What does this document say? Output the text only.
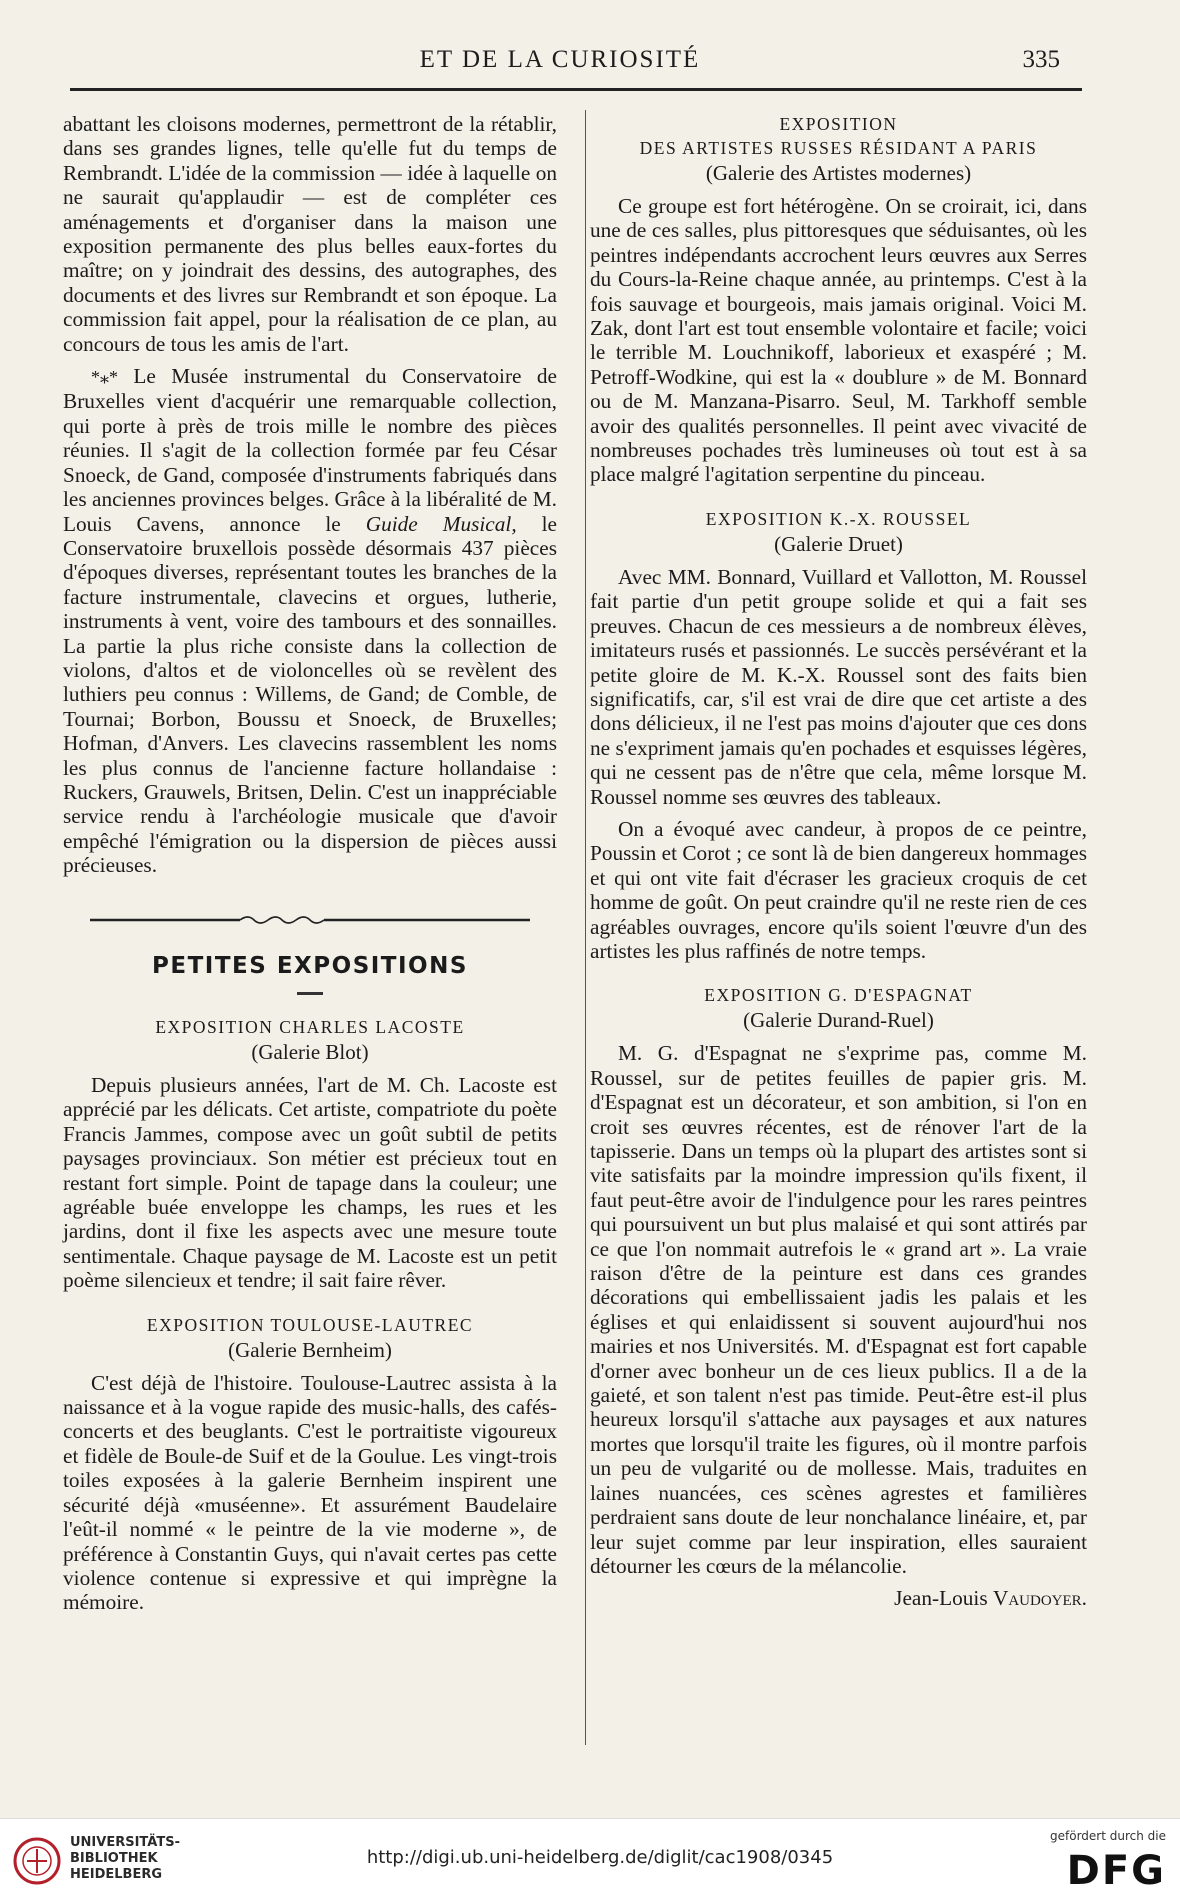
ET DE LA CURIOSITÉ	335

abattant les cloisons modernes, permettront de la rétablir, dans ses grandes lignes, telle qu'elle fut du temps de Rembrandt. L'idée de la commission — idée à laquelle on ne saurait qu'applaudir — est de compléter ces aménagements et d'organiser dans la maison une exposition permanente des plus belles eaux-fortes du maître; on y joindrait des dessins, des autographes, des documents et des livres sur Rembrandt et son époque. La commission fait appel, pour la réalisation de ce plan, au concours de tous les amis de l'art.

*⁎* Le Musée instrumental du Conservatoire de Bruxelles vient d'acquérir une remarquable collection, qui porte à près de trois mille le nombre des pièces réunies. Il s'agit de la collection formée par feu César Snoeck, de Gand, composée d'instruments fabriqués dans les anciennes provinces belges. Grâce à la libéralité de M. Louis Cavens, annonce le Guide Musical, le Conservatoire bruxellois possède désormais 437 pièces d'époques diverses, représentant toutes les branches de la facture instrumentale, clavecins et orgues, lutherie, instruments à vent, voire des tambours et des sonnailles. La partie la plus riche consiste dans la collection de violons, d'altos et de violoncelles où se revèlent des luthiers peu connus : Willems, de Gand; de Comble, de Tournai; Borbon, Boussu et Snoeck, de Bruxelles; Hofman, d'Anvers. Les clavecins rassemblent les noms les plus connus de l'ancienne facture hollandaise : Ruckers, Grauwels, Britsen, Delin. C'est un inappréciable service rendu à l'archéologie musicale que d'avoir empêché l'émigration ou la dispersion de pièces aussi précieuses.

PETITES EXPOSITIONS
EXPOSITION CHARLES LACOSTE
(Galerie Blot)

Depuis plusieurs années, l'art de M. Ch. Lacoste est apprécié par les délicats. Cet artiste, compatriote du poète Francis Jammes, compose avec un goût subtil de petits paysages provinciaux. Son métier est précieux tout en restant fort simple. Point de tapage dans la couleur; une agréable buée enveloppe les champs, les rues et les jardins, dont il fixe les aspects avec une mesure toute sentimentale. Chaque paysage de M. Lacoste est un petit poème silencieux et tendre; il sait faire rêver.

EXPOSITION TOULOUSE-LAUTREC
(Galerie Bernheim)

C'est déjà de l'histoire. Toulouse-Lautrec assista à la naissance et à la vogue rapide des music-halls, des cafés-concerts et des beuglants. C'est le portraitiste vigoureux et fidèle de Boule-de Suif et de la Goulue. Les vingt-trois toiles exposées à la galerie Bernheim inspirent une sécurité déjà «muséenne». Et assurément Baudelaire l'eût-il nommé « le peintre de la vie moderne », de préférence à Constantin Guys, qui n'avait certes pas cette violence contenue si expressive et qui imprègne la mémoire.

EXPOSITION
DES ARTISTES RUSSES RÉSIDANT A PARIS
(Galerie des Artistes modernes)

Ce groupe est fort hétérogène. On se croirait, ici, dans une de ces salles, plus pittoresques que séduisantes, où les peintres indépendants accrochent leurs œuvres aux Serres du Cours-la-Reine chaque année, au printemps. C'est à la fois sauvage et bourgeois, mais jamais original. Voici M. Zak, dont l'art est tout ensemble volontaire et facile; voici le terrible M. Louchnikoff, laborieux et exaspéré ; M. Petroff-Wodkine, qui est la « doublure » de M. Bonnard ou de M. Manzana-Pisarro. Seul, M. Tarkhoff semble avoir des qualités personnelles. Il peint avec vivacité de nombreuses pochades très lumineuses où tout est à sa place malgré l'agitation serpentine du pinceau.

EXPOSITION K.-X. ROUSSEL
(Galerie Druet)

Avec MM. Bonnard, Vuillard et Vallotton, M. Roussel fait partie d'un petit groupe solide et qui a fait ses preuves. Chacun de ces messieurs a de nombreux élèves, imitateurs rusés et passionnés. Le succès persévérant et la petite gloire de M. K.-X. Roussel sont des faits bien significatifs, car, s'il est vrai de dire que cet artiste a des dons délicieux, il ne l'est pas moins d'ajouter que ces dons ne s'expriment jamais qu'en pochades et esquisses légères, qui ne cessent pas de n'être que cela, même lorsque M. Roussel nomme ses œuvres des tableaux.

On a évoqué avec candeur, à propos de ce peintre, Poussin et Corot ; ce sont là de bien dangereux hommages et qui ont vite fait d'écraser les gracieux croquis de cet homme de goût. On peut craindre qu'il ne reste rien de ces agréables ouvrages, encore qu'ils soient l'œuvre d'un des artistes les plus raffinés de notre temps.

EXPOSITION G. D'ESPAGNAT
(Galerie Durand-Ruel)

M. G. d'Espagnat ne s'exprime pas, comme M. Roussel, sur de petites feuilles de papier gris. M. d'Espagnat est un décorateur, et son ambition, si l'on en croit ses œuvres récentes, est de rénover l'art de la tapisserie. Dans un temps où la plupart des artistes sont si vite satisfaits par la moindre impression qu'ils fixent, il faut peut-être avoir de l'indulgence pour les rares peintres qui poursuivent un but plus malaisé et qui sont attirés par ce que l'on nommait autrefois le « grand art ». La vraie raison d'être de la peinture est dans ces grandes décorations qui embellissaient jadis les palais et les églises et qui enlaidissent si souvent aujourd'hui nos mairies et nos Universités. M. d'Espagnat est fort capable d'orner avec bonheur un de ces lieux publics. Il a de la gaieté, et son talent n'est pas timide. Peut-être est-il plus heureux lorsqu'il s'attache aux paysages et aux natures mortes que lorsqu'il traite les figures, où il montre parfois un peu de vulgarité ou de mollesse. Mais, traduites en laines nuancées, ces scènes agrestes et familières perdraient sans doute de leur nonchalance linéaire, et, par leur sujet comme par leur inspiration, elles sauraient détourner les cœurs de la mélancolie.

Jean-Louis Vaudoyer.

UNIVERSITÄTS-
BIBLIOTHEK
HEIDELBERG
http://digi.ub.uni-heidelberg.de/diglit/cac1908/0345
gefördert durch die
DFG
